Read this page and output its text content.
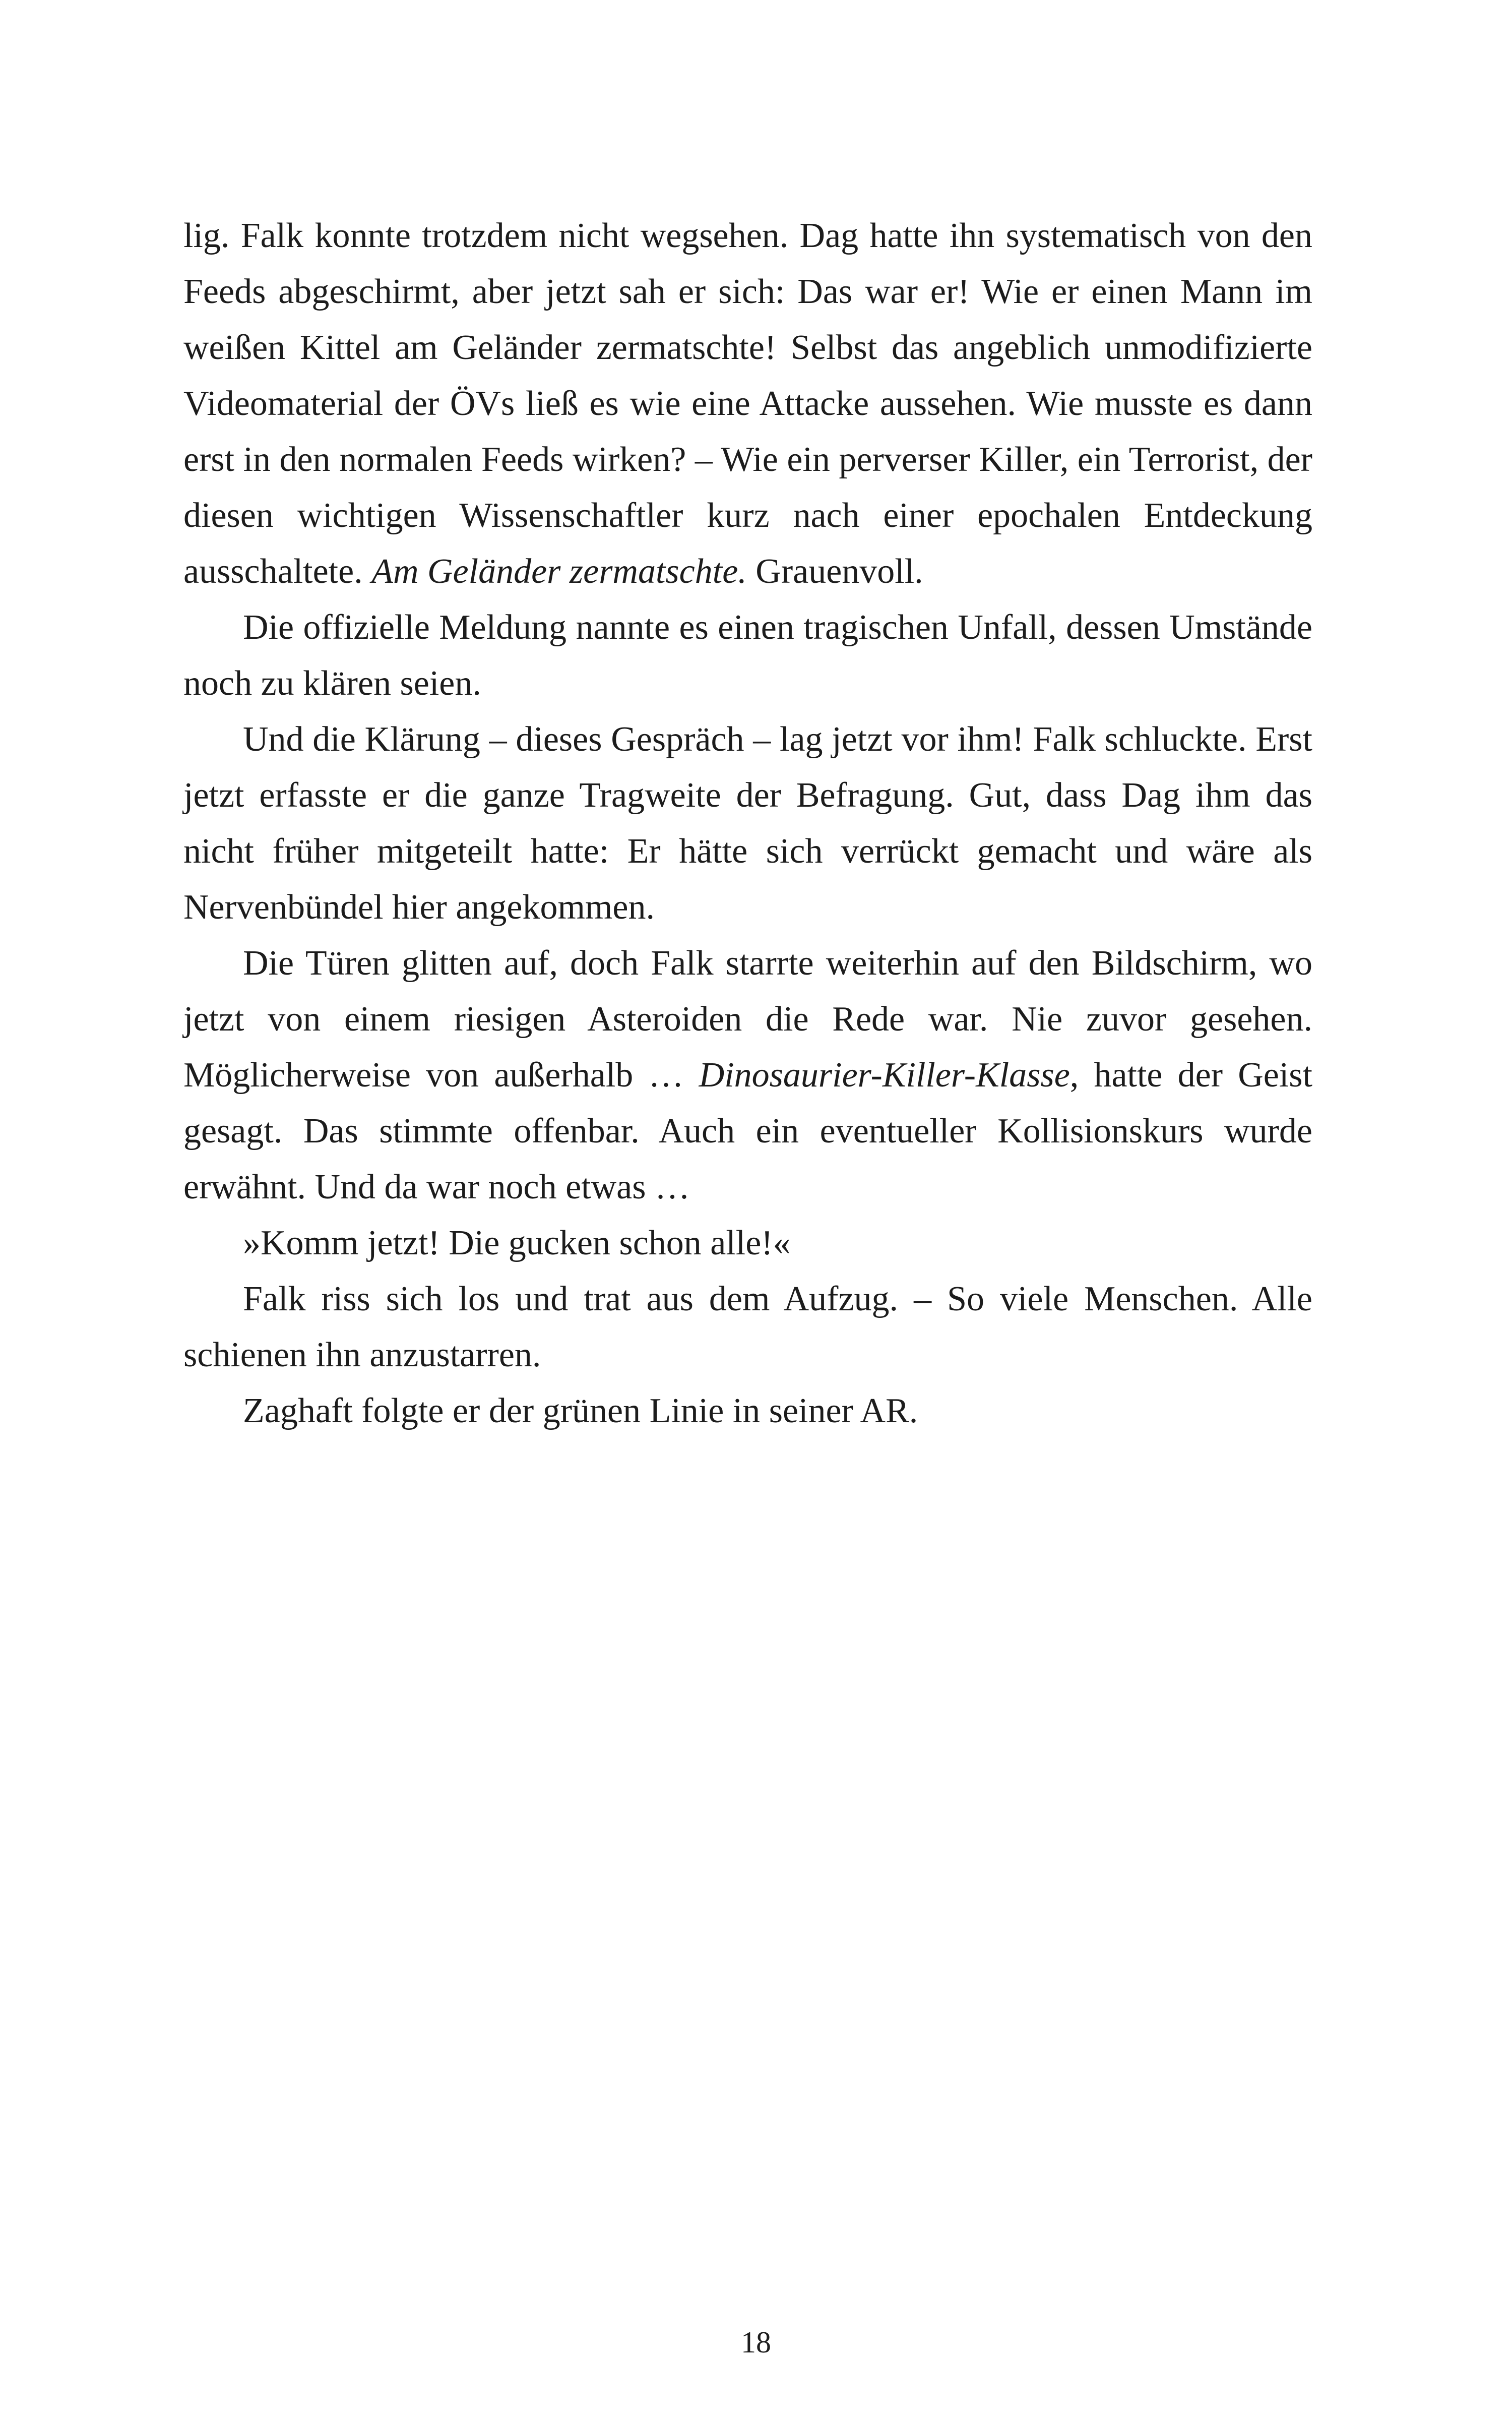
lig. Falk konnte trotzdem nicht wegsehen. Dag hatte ihn systematisch von den Feeds abgeschirmt, aber jetzt sah er sich: Das war er! Wie er einen Mann im weißen Kittel am Geländer zermatschte! Selbst das angeblich unmodifizierte Videomaterial der ÖVs ließ es wie eine Attacke aussehen. Wie musste es dann erst in den normalen Feeds wirken? – Wie ein perverser Killer, ein Terrorist, der diesen wichtigen Wissenschaftler kurz nach einer epochalen Entdeckung ausschaltete. Am Geländer zermatschte. Grauenvoll.

Die offizielle Meldung nannte es einen tragischen Unfall, dessen Umstände noch zu klären seien.

Und die Klärung – dieses Gespräch – lag jetzt vor ihm! Falk schluckte. Erst jetzt erfasste er die ganze Tragweite der Befragung. Gut, dass Dag ihm das nicht früher mitgeteilt hatte: Er hätte sich verrückt gemacht und wäre als Nervenbündel hier angekommen.

Die Türen glitten auf, doch Falk starrte weiterhin auf den Bildschirm, wo jetzt von einem riesigen Asteroiden die Rede war. Nie zuvor gesehen. Möglicherweise von außerhalb … Dinosaurier-Killer-Klasse, hatte der Geist gesagt. Das stimmte offenbar. Auch ein eventueller Kollisionskurs wurde erwähnt. Und da war noch etwas …

»Komm jetzt! Die gucken schon alle!«

Falk riss sich los und trat aus dem Aufzug. – So viele Menschen. Alle schienen ihn anzustarren.

Zaghaft folgte er der grünen Linie in seiner AR.

18
